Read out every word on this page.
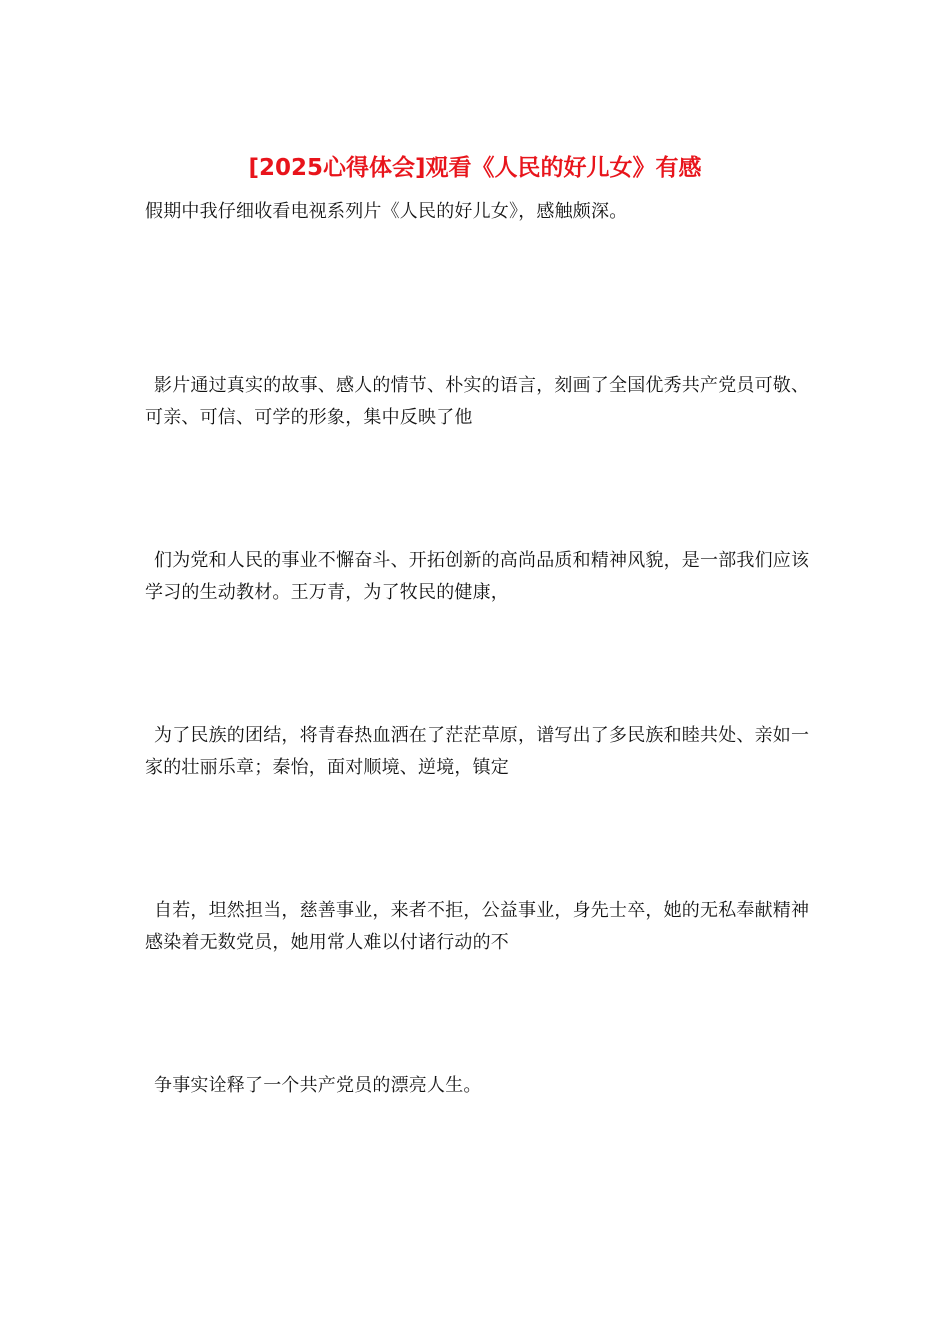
[2025心得体会]观看《人民的好儿女》有感

假期中我仔细收看电视系列片《人民的好儿女》，感触颇深。

影片通过真实的故事、感人的情节、朴实的语言，刻画了全国优秀共产党员可敬、可亲、可信、可学的形象，集中反映了他

们为党和人民的事业不懈奋斗、开拓创新的高尚品质和精神风貌，是一部我们应该学习的生动教材。王万青，为了牧民的健康，

为了民族的团结，将青春热血洒在了茫茫草原，谱写出了多民族和睦共处、亲如一家的壮丽乐章；秦怡，面对顺境、逆境，镇定

自若，坦然担当，慈善事业，来者不拒，公益事业，身先士卒，她的无私奉献精神感染着无数党员，她用常人难以付诸行动的不

争事实诠释了一个共产党员的漂亮人生。
